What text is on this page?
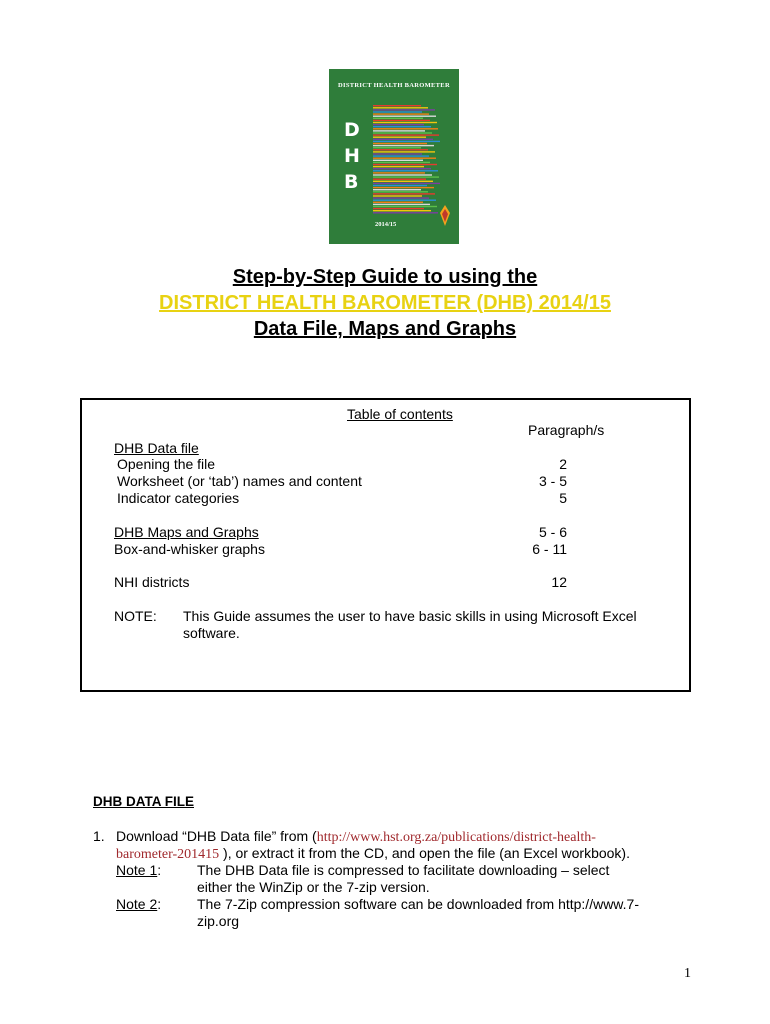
DISTRICT HEALTH BAROMETER
D
H
B
2014/15
Step-by-Step Guide to using the
DISTRICT HEALTH BAROMETER (DHB) 2014/15
Data File, Maps and Graphs
Table of contents
Paragraph/s
DHB Data file
Opening the file	2
Worksheet (or ‘tab’) names and content	3 - 5
Indicator categories	5
DHB Maps and Graphs	5 - 6
Box-and-whisker graphs	6 - 11
NHI districts	12
NOTE: This Guide assumes the user to have basic skills in using Microsoft Excel
software.
DHB DATA FILE
1. Download “DHB Data file” from (http://www.hst.org.za/publications/district-health-
barometer-201415 ), or extract it from the CD, and open the file (an Excel workbook).
Note 1:	The DHB Data file is compressed to facilitate downloading – select
either the WinZip or the 7-zip version.
Note 2:	The 7-Zip compression software can be downloaded from http://www.7-
zip.org
1
